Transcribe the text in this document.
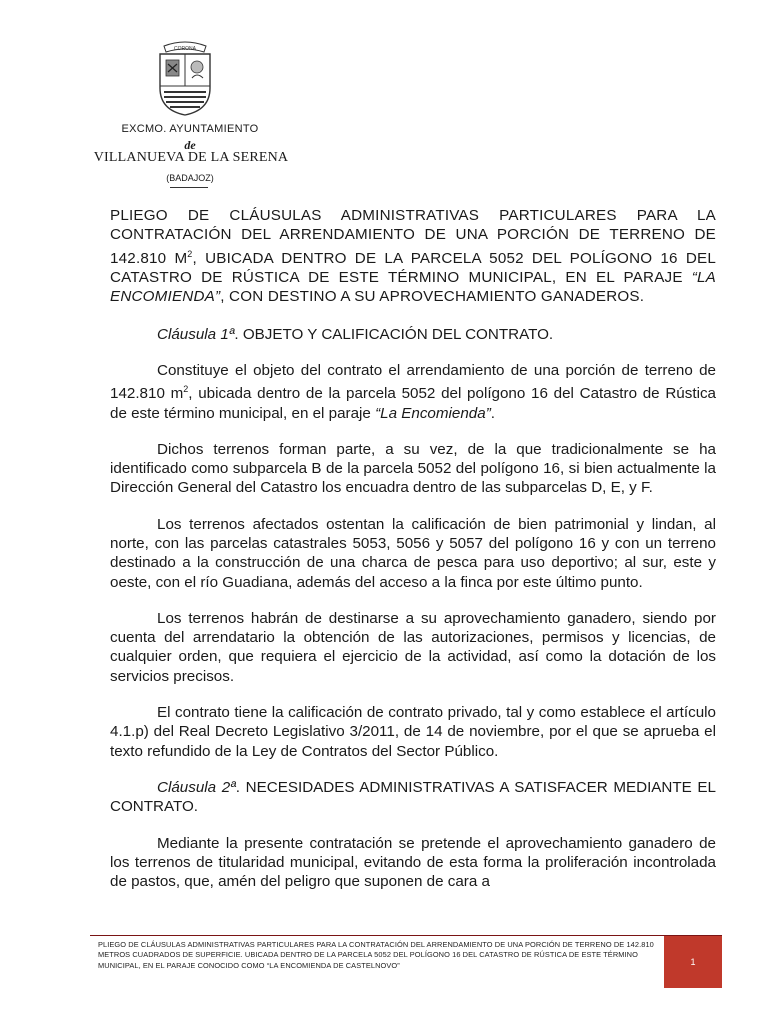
CORONA
EXCMO. AYUNTAMIENTO
de
VILLANUEVA DE LA SERENA
(BADAJOZ)

PLIEGO DE CLÁUSULAS ADMINISTRATIVAS PARTICULARES PARA LA CONTRATACIÓN DEL ARRENDAMIENTO DE UNA PORCIÓN DE TERRENO DE 142.810 $M^2$, UBICADA DENTRO DE LA PARCELA 5052 DEL POLÍGONO 16 DEL CATASTRO DE RÚSTICA DE ESTE TÉRMINO MUNICIPAL, EN EL PARAJE “LA ENCOMIENDA”, CON DESTINO A SU APROVECHAMIENTO GANADEROS.

Cláusula 1ª. OBJETO Y CALIFICACIÓN DEL CONTRATO.

Constituye el objeto del contrato el arrendamiento de una porción de terreno de 142.810 $m^2$, ubicada dentro de la parcela 5052 del polígono 16 del Catastro de Rústica de este término municipal, en el paraje “La Encomienda”.

Dichos terrenos forman parte, a su vez, de la que tradicionalmente se ha identificado como subparcela B de la parcela 5052 del polígono 16, si bien actualmente la Dirección General del Catastro los encuadra dentro de las subparcelas D, E, y F.

Los terrenos afectados ostentan la calificación de bien patrimonial y lindan, al norte, con las parcelas catastrales 5053, 5056 y 5057 del polígono 16 y con un terreno destinado a la construcción de una charca de pesca para uso deportivo; al sur, este y oeste, con el río Guadiana, además del acceso a la finca por este último punto.

Los terrenos habrán de destinarse a su aprovechamiento ganadero, siendo por cuenta del arrendatario la obtención de las autorizaciones, permisos y licencias, de cualquier orden, que requiera el ejercicio de la actividad, así como la dotación de los servicios precisos.

El contrato tiene la calificación de contrato privado, tal y como establece el artículo 4.1.p) del Real Decreto Legislativo 3/2011, de 14 de noviembre, por el que se aprueba el texto refundido de la Ley de Contratos del Sector Público.

Cláusula 2ª. NECESIDADES ADMINISTRATIVAS A SATISFACER MEDIANTE EL CONTRATO.

Mediante la presente contratación se pretende el aprovechamiento ganadero de los terrenos de titularidad municipal, evitando de esta forma la proliferación incontrolada de pastos, que, amén del peligro que suponen de cara a

PLIEGO DE CLÁUSULAS ADMINISTRATIVAS PARTICULARES PARA LA CONTRATACIÓN DEL ARRENDAMIENTO DE UNA PORCIÓN DE TERRENO DE 142.810 METROS CUADRADOS DE SUPERFICIE. UBICADA DENTRO DE LA PARCELA 5052 DEL POLÍGONO 16 DEL CATASTRO DE RÚSTICA DE ESTE TÉRMINO MUNICIPAL, EN EL PARAJE CONOCIDO COMO “LA ENCOMIENDA DE CASTELNOVO”	1
